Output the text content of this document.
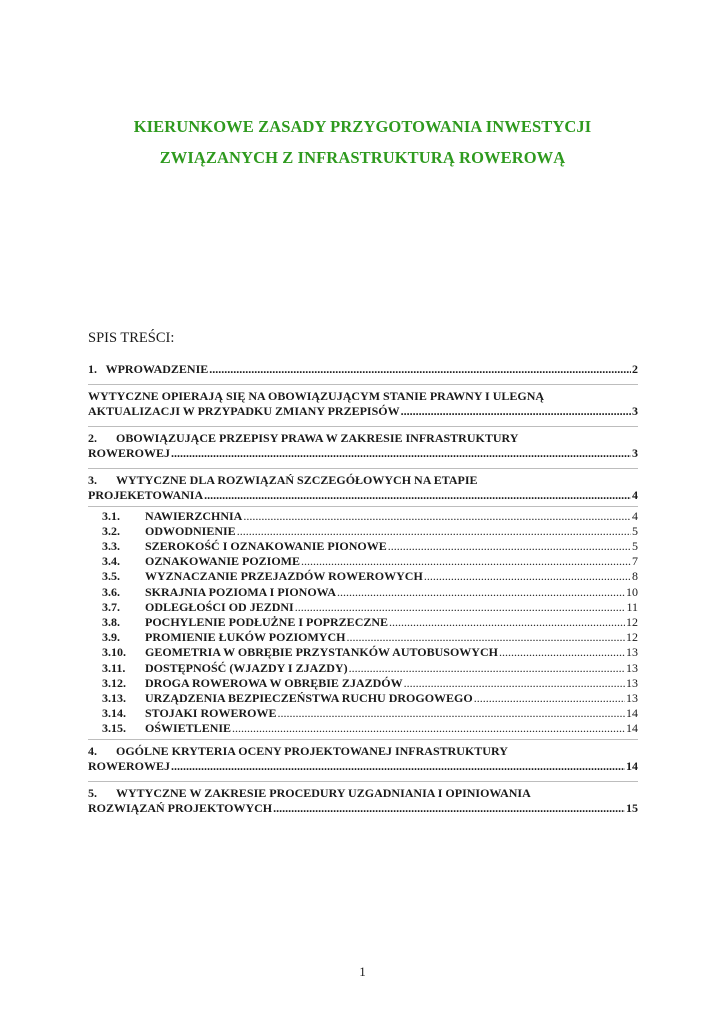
KIERUNKOWE ZASADY PRZYGOTOWANIA INWESTYCJI
ZWIĄZANYCH Z INFRASTRUKTURĄ ROWEROWĄ
SPIS TREŚCI:
1. WPROWADZENIE .....	2
WYTYCZNE OPIERAJĄ SIĘ NA OBOWIĄZUJĄCYM STANIE PRAWNY I ULEGNĄ
AKTUALIZACJI W PRZYPADKU ZMIANY PRZEPISÓW .....	3
2.	OBOWIĄZUJĄCE PRZEPISY PRAWA W ZAKRESIE INFRASTRUKTURY
ROWEROWEJ .....	3
3.	WYTYCZNE DLA ROZWIĄZAŃ SZCZEGÓŁOWYCH NA ETAPIE
PROJEKETOWANIA .....	4
3.1.	NAWIERZCHNIA .....	4
3.2.	ODWODNIENIE .....	5
3.3.	SZEROKOŚĆ I OZNAKOWANIE PIONOWE .....	5
3.4.	OZNAKOWANIE POZIOME .....	7
3.5.	WYZNACZANIE PRZEJAZDÓW ROWEROWYCH .....	8
3.6.	SKRAJNIA POZIOMA I PIONOWA .....	10
3.7.	ODLEGŁOŚCI OD JEZDNI .....	11
3.8.	POCHYLENIE PODŁUŻNE I POPRZECZNE .....	12
3.9.	PROMIENIE ŁUKÓW POZIOMYCH .....	12
3.10.	GEOMETRIA W OBRĘBIE PRZYSTANKÓW AUTOBUSOWYCH .....	13
3.11.	DOSTĘPNOŚĆ (WJAZDY I ZJAZDY) .....	13
3.12.	DROGA ROWEROWA W OBRĘBIE ZJAZDÓW .....	13
3.13.	URZĄDZENIA BEZPIECZEŃSTWA RUCHU DROGOWEGO .....	13
3.14.	STOJAKI ROWEROWE .....	14
3.15.	OŚWIETLENIE .....	14
4.	OGÓLNE KRYTERIA OCENY PROJEKTOWANEJ INFRASTRUKTURY
ROWEROWEJ .....	14
5.	WYTYCZNE W ZAKRESIE PROCEDURY UZGADNIANIA I OPINIOWANIA
ROZWIĄZAŃ PROJEKTOWYCH .....	15
1
